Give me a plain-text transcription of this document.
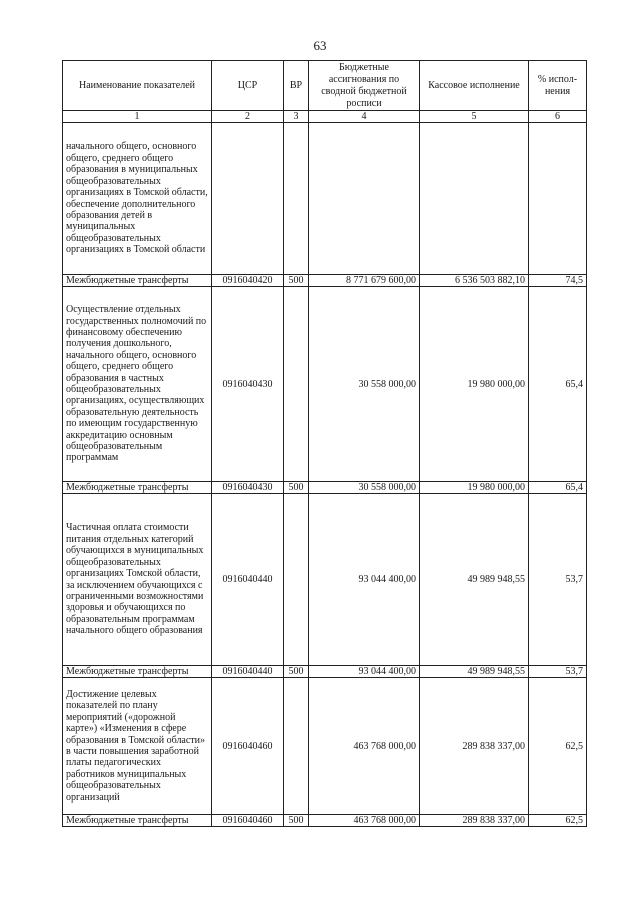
63
Наименование показателей	ЦСР	ВР	Бюджетные ассигнования по сводной бюджетной росписи	Кассовое исполнение	% испол-нения
1	2	3	4	5	6
начального общего, основного общего, среднего общего образования в муниципальных общеобразовательных организациях в Томской области, обеспечение дополнительного образования детей в муниципальных общеобразовательных организациях в Томской области					
Межбюджетные трансферты	0916040420	500	8 771 679 600,00	6 536 503 882,10	74,5
Осуществление отдельных государственных полномочий по финансовому обеспечению получения дошкольного, начального общего, основного общего, среднего общего образования в частных общеобразовательных организациях, осуществляющих образовательную деятельность по имеющим государственную аккредитацию основным общеобразовательным программам	0916040430		30 558 000,00	19 980 000,00	65,4
Межбюджетные трансферты	0916040430	500	30 558 000,00	19 980 000,00	65,4
Частичная оплата стоимости питания отдельных категорий обучающихся в муниципальных общеобразовательных организациях Томской области, за исключением обучающихся с ограниченными возможностями здоровья и обучающихся по образовательным программам начального общего образования	0916040440		93 044 400,00	49 989 948,55	53,7
Межбюджетные трансферты	0916040440	500	93 044 400,00	49 989 948,55	53,7
Достижение целевых показателей по плану мероприятий («дорожной карте») «Изменения в сфере образования в Томской области» в части повышения заработной платы педагогических работников муниципальных общеобразовательных организаций	0916040460		463 768 000,00	289 838 337,00	62,5
Межбюджетные трансферты	0916040460	500	463 768 000,00	289 838 337,00	62,5
